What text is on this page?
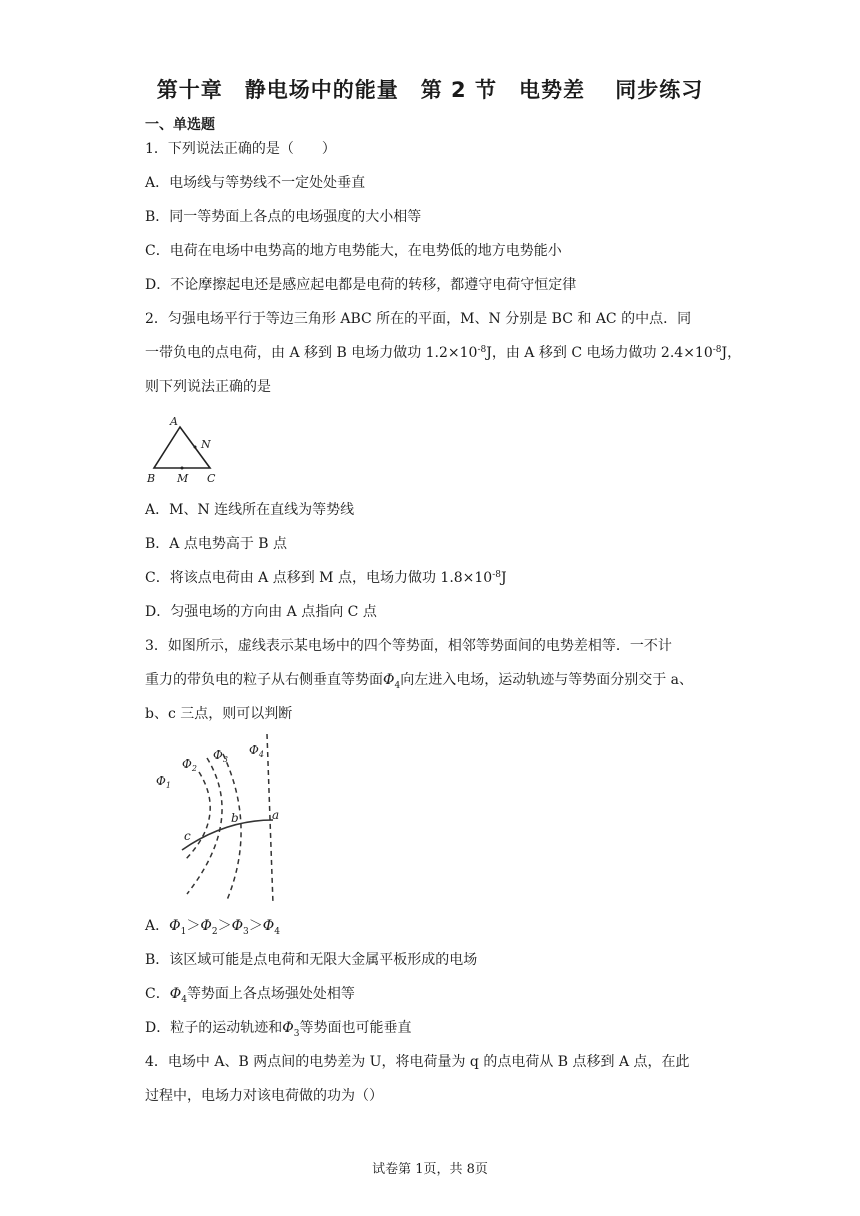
第十章　静电场中的能量　第 2 节　电势差　 同步练习
一、单选题
1．下列说法正确的是（　　）
A．电场线与等势线不一定处处垂直
B．同一等势面上各点的电场强度的大小相等
C．电荷在电场中电势高的地方电势能大，在电势低的地方电势能小
D．不论摩擦起电还是感应起电都是电荷的转移，都遵守电荷守恒定律
2．匀强电场平行于等边三角形 ABC 所在的平面，M、N 分别是 BC 和 AC 的中点．同
一带负电的点电荷，由 A 移到 B 电场力做功 $1.2\times 10^{-8}J$，由 A 移到 C 电场力做功 $2.4\times 10^{-8}J$，
则下列说法正确的是
A
N
B M C
A．M、N 连线所在直线为等势线
B．A 点电势高于 B 点
C．将该点电荷由 A 点移到 M 点，电场力做功 $1.8\times 10^{-8}J$
D．匀强电场的方向由 A 点指向 C 点
3．如图所示，虚线表示某电场中的四个等势面，相邻等势面间的电势差相等．一不计
重力的带负电的粒子从右侧垂直等势面$\Phi_4$向左进入电场，运动轨迹与等势面分别交于 a、
b、c 三点，则可以判断
$\Phi_1$
$\Phi_2$
$\Phi_3$
$\Phi_4$
a
b
c
A．$\Phi_1>\Phi_2>\Phi_3>\Phi_4$
B．该区域可能是点电荷和无限大金属平板形成的电场
C．$\Phi_4$等势面上各点场强处处相等
D．粒子的运动轨迹和$\Phi_3$等势面也可能垂直
4．电场中 A、B 两点间的电势差为 U，将电荷量为 q 的点电荷从 B 点移到 A 点，在此
过程中，电场力对该电荷做的功为（）
试卷第 1页，共 8页
